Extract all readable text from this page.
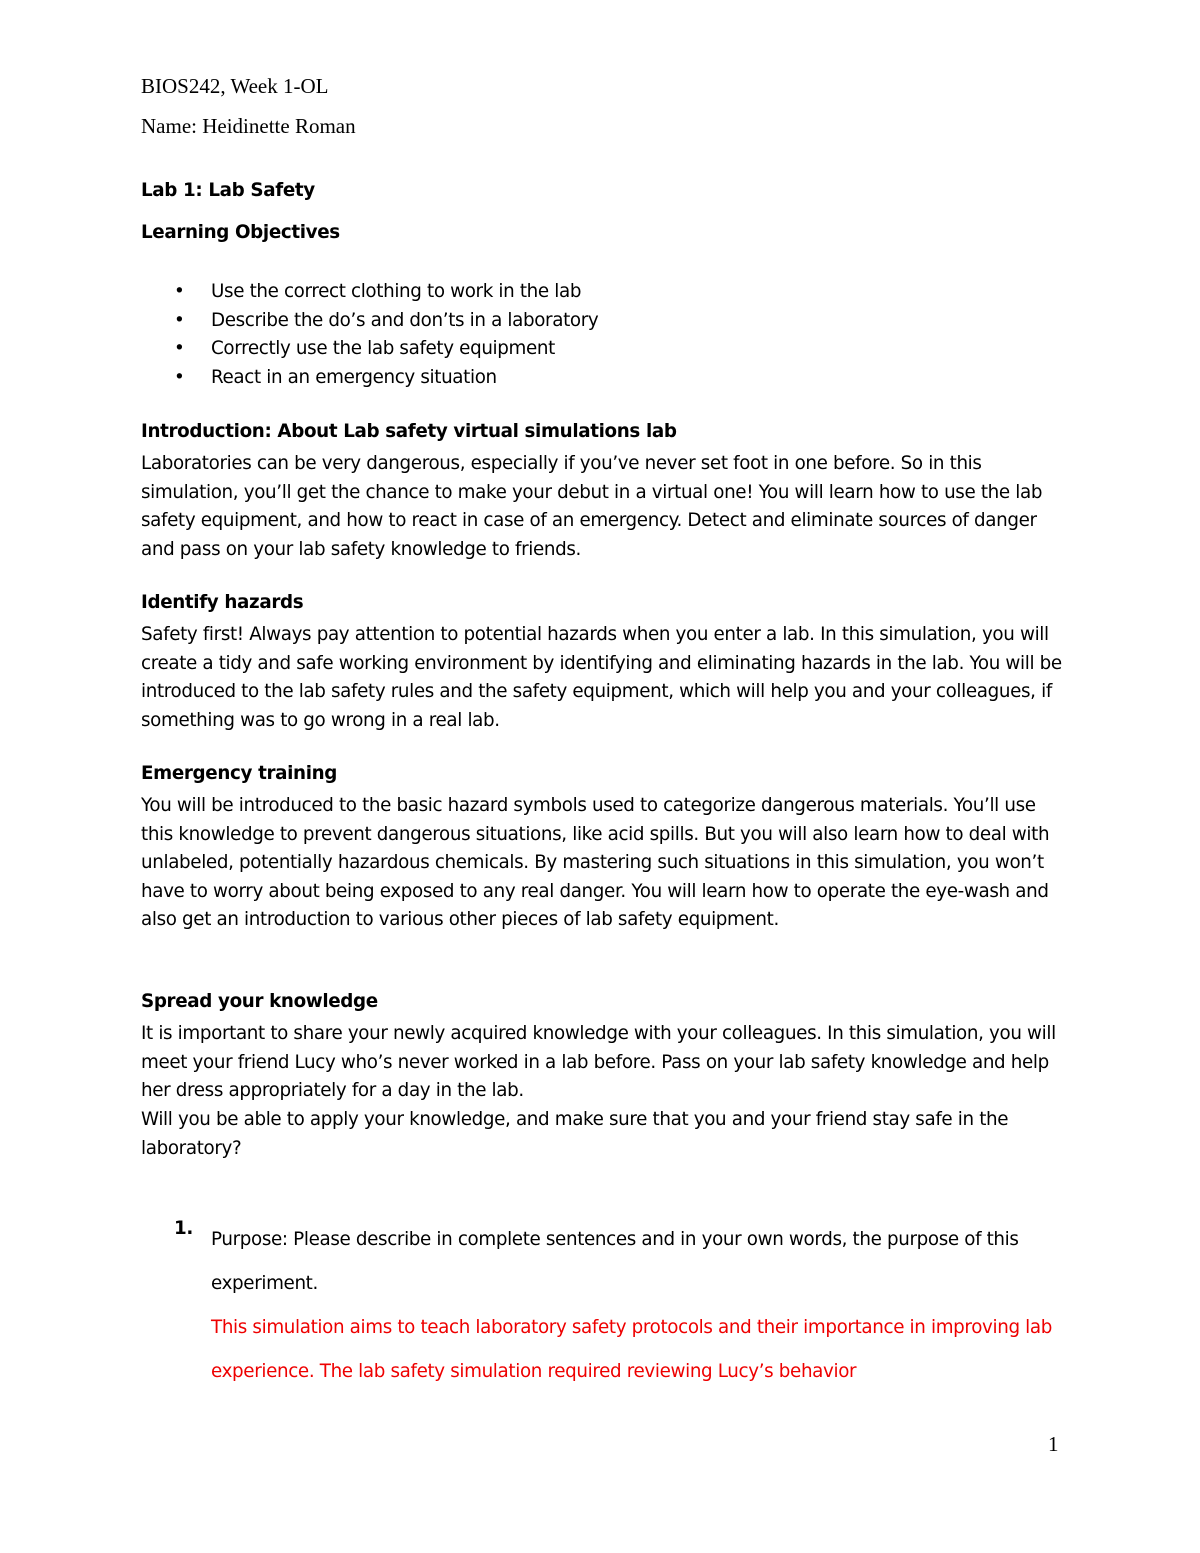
BIOS242, Week 1-OL
Name: Heidinette Roman
Lab 1: Lab Safety
Learning Objectives
• Use the correct clothing to work in the lab
• Describe the do’s and don’ts in a laboratory
• Correctly use the lab safety equipment
• React in an emergency situation
Introduction: About Lab safety virtual simulations lab
Laboratories can be very dangerous, especially if you’ve never set foot in one before. So in this simulation, you’ll get the chance to make your debut in a virtual one! You will learn how to use the lab safety equipment, and how to react in case of an emergency. Detect and eliminate sources of danger and pass on your lab safety knowledge to friends.
Identify hazards
Safety first! Always pay attention to potential hazards when you enter a lab. In this simulation, you will create a tidy and safe working environment by identifying and eliminating hazards in the lab. You will be introduced to the lab safety rules and the safety equipment, which will help you and your colleagues, if something was to go wrong in a real lab.
Emergency training
You will be introduced to the basic hazard symbols used to categorize dangerous materials. You’ll use this knowledge to prevent dangerous situations, like acid spills. But you will also learn how to deal with unlabeled, potentially hazardous chemicals. By mastering such situations in this simulation, you won’t have to worry about being exposed to any real danger. You will learn how to operate the eye-wash and also get an introduction to various other pieces of lab safety equipment.
Spread your knowledge
It is important to share your newly acquired knowledge with your colleagues. In this simulation, you will meet your friend Lucy who’s never worked in a lab before. Pass on your lab safety knowledge and help her dress appropriately for a day in the lab.
Will you be able to apply your knowledge, and make sure that you and your friend stay safe in the laboratory?
1.
Purpose: Please describe in complete sentences and in your own words, the purpose of this experiment.
This simulation aims to teach laboratory safety protocols and their importance in improving lab experience. The lab safety simulation required reviewing Lucy’s behavior
1
